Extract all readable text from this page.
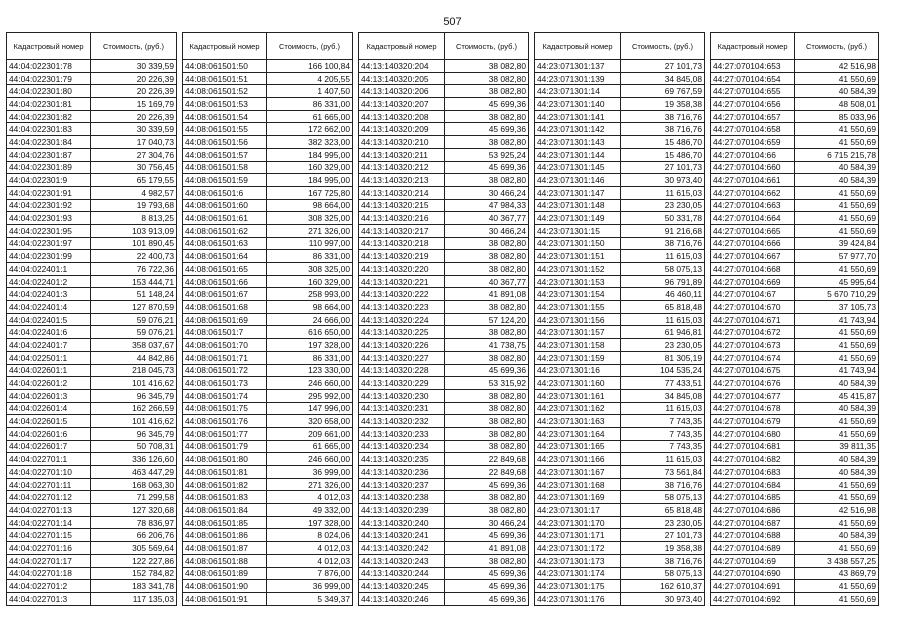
507
Кадастровый номер	Стоимость, (руб.)
44:04:022301:78	30 339,59
44:04:022301:79	20 226,39
44:04:022301:80	20 226,39
44:04:022301:81	15 169,79
44:04:022301:82	20 226,39
44:04:022301:83	30 339,59
44:04:022301:84	17 040,73
44:04:022301:87	27 304,76
44:04:022301:89	30 756,45
44:04:022301:9	65 179,55
44:04:022301:91	4 982,57
44:04:022301:92	19 793,68
44:04:022301:93	8 813,25
44:04:022301:95	103 913,09
44:04:022301:97	101 890,45
44:04:022301:99	22 400,73
44:04:022401:1	76 722,36
44:04:022401:2	153 444,71
44:04:022401:3	51 148,24
44:04:022401:4	127 870,59
44:04:022401:5	59 076,21
44:04:022401:6	59 076,21
44:04:022401:7	358 037,67
44:04:022501:1	44 842,86
44:04:022601:1	218 045,73
44:04:022601:2	101 416,62
44:04:022601:3	96 345,79
44:04:022601:4	162 266,59
44:04:022601:5	101 416,62
44:04:022601:6	96 345,79
44:04:022601:7	50 708,31
44:04:022701:1	336 126,60
44:04:022701:10	463 447,29
44:04:022701:11	168 063,30
44:04:022701:12	71 299,58
44:04:022701:13	127 320,68
44:04:022701:14	78 836,97
44:04:022701:15	66 206,76
44:04:022701:16	305 569,64
44:04:022701:17	122 227,86
44:04:022701:18	152 784,82
44:04:022701:2	183 341,78
44:04:022701:3	117 135,03
Кадастровый номер	Стоимость, (руб.)
44:08:061501:50	166 100,84
44:08:061501:51	4 205,55
44:08:061501:52	1 407,50
44:08:061501:53	86 331,00
44:08:061501:54	61 665,00
44:08:061501:55	172 662,00
44:08:061501:56	382 323,00
44:08:061501:57	184 995,00
44:08:061501:58	160 329,00
44:08:061501:59	184 995,00
44:08:061501:6	167 725,80
44:08:061501:60	98 664,00
44:08:061501:61	308 325,00
44:08:061501:62	271 326,00
44:08:061501:63	110 997,00
44:08:061501:64	86 331,00
44:08:061501:65	308 325,00
44:08:061501:66	160 329,00
44:08:061501:67	258 993,00
44:08:061501:68	98 664,00
44:08:061501:69	24 666,00
44:08:061501:7	616 650,00
44:08:061501:70	197 328,00
44:08:061501:71	86 331,00
44:08:061501:72	123 330,00
44:08:061501:73	246 660,00
44:08:061501:74	295 992,00
44:08:061501:75	147 996,00
44:08:061501:76	320 658,00
44:08:061501:77	209 661,00
44:08:061501:79	61 665,00
44:08:061501:80	246 660,00
44:08:061501:81	36 999,00
44:08:061501:82	271 326,00
44:08:061501:83	4 012,03
44:08:061501:84	49 332,00
44:08:061501:85	197 328,00
44:08:061501:86	8 024,06
44:08:061501:87	4 012,03
44:08:061501:88	4 012,03
44:08:061501:89	7 876,00
44:08:061501:90	36 999,00
44:08:061501:91	5 349,37
Кадастровый номер	Стоимость, (руб.)
44:13:140320:204	38 082,80
44:13:140320:205	38 082,80
44:13:140320:206	38 082,80
44:13:140320:207	45 699,36
44:13:140320:208	38 082,80
44:13:140320:209	45 699,36
44:13:140320:210	38 082,80
44:13:140320:211	53 925,24
44:13:140320:212	45 699,36
44:13:140320:213	38 082,80
44:13:140320:214	30 466,24
44:13:140320:215	47 984,33
44:13:140320:216	40 367,77
44:13:140320:217	30 466,24
44:13:140320:218	38 082,80
44:13:140320:219	38 082,80
44:13:140320:220	38 082,80
44:13:140320:221	40 367,77
44:13:140320:222	41 891,08
44:13:140320:223	38 082,80
44:13:140320:224	57 124,20
44:13:140320:225	38 082,80
44:13:140320:226	41 738,75
44:13:140320:227	38 082,80
44:13:140320:228	45 699,36
44:13:140320:229	53 315,92
44:13:140320:230	38 082,80
44:13:140320:231	38 082,80
44:13:140320:232	38 082,80
44:13:140320:233	38 082,80
44:13:140320:234	38 082,80
44:13:140320:235	22 849,68
44:13:140320:236	22 849,68
44:13:140320:237	45 699,36
44:13:140320:238	38 082,80
44:13:140320:239	38 082,80
44:13:140320:240	30 466,24
44:13:140320:241	45 699,36
44:13:140320:242	41 891,08
44:13:140320:243	38 082,80
44:13:140320:244	45 699,36
44:13:140320:245	45 699,36
44:13:140320:246	45 699,36
Кадастровый номер	Стоимость, (руб.)
44:23:071301:137	27 101,73
44:23:071301:139	34 845,08
44:23:071301:14	69 767,59
44:23:071301:140	19 358,38
44:23:071301:141	38 716,76
44:23:071301:142	38 716,76
44:23:071301:143	15 486,70
44:23:071301:144	15 486,70
44:23:071301:145	27 101,73
44:23:071301:146	30 973,40
44:23:071301:147	11 615,03
44:23:071301:148	23 230,05
44:23:071301:149	50 331,78
44:23:071301:15	91 216,68
44:23:071301:150	38 716,76
44:23:071301:151	11 615,03
44:23:071301:152	58 075,13
44:23:071301:153	96 791,89
44:23:071301:154	46 460,11
44:23:071301:155	65 818,48
44:23:071301:156	11 615,03
44:23:071301:157	61 946,81
44:23:071301:158	23 230,05
44:23:071301:159	81 305,19
44:23:071301:16	104 535,24
44:23:071301:160	77 433,51
44:23:071301:161	34 845,08
44:23:071301:162	11 615,03
44:23:071301:163	7 743,35
44:23:071301:164	7 743,35
44:23:071301:165	7 743,35
44:23:071301:166	11 615,03
44:23:071301:167	73 561,84
44:23:071301:168	38 716,76
44:23:071301:169	58 075,13
44:23:071301:17	65 818,48
44:23:071301:170	23 230,05
44:23:071301:171	27 101,73
44:23:071301:172	19 358,38
44:23:071301:173	38 716,76
44:23:071301:174	58 075,13
44:23:071301:175	162 610,37
44:23:071301:176	30 973,40
Кадастровый номер	Стоимость, (руб.)
44:27:070104:653	42 516,98
44:27:070104:654	41 550,69
44:27:070104:655	40 584,39
44:27:070104:656	48 508,01
44:27:070104:657	85 033,96
44:27:070104:658	41 550,69
44:27:070104:659	41 550,69
44:27:070104:66	6 715 215,78
44:27:070104:660	40 584,39
44:27:070104:661	40 584,39
44:27:070104:662	41 550,69
44:27:070104:663	41 550,69
44:27:070104:664	41 550,69
44:27:070104:665	41 550,69
44:27:070104:666	39 424,84
44:27:070104:667	57 977,70
44:27:070104:668	41 550,69
44:27:070104:669	45 995,64
44:27:070104:67	5 670 710,29
44:27:070104:670	37 105,73
44:27:070104:671	41 743,94
44:27:070104:672	41 550,69
44:27:070104:673	41 550,69
44:27:070104:674	41 550,69
44:27:070104:675	41 743,94
44:27:070104:676	40 584,39
44:27:070104:677	45 415,87
44:27:070104:678	40 584,39
44:27:070104:679	41 550,69
44:27:070104:680	41 550,69
44:27:070104:681	39 811,35
44:27:070104:682	40 584,39
44:27:070104:683	40 584,39
44:27:070104:684	41 550,69
44:27:070104:685	41 550,69
44:27:070104:686	42 516,98
44:27:070104:687	41 550,69
44:27:070104:688	40 584,39
44:27:070104:689	41 550,69
44:27:070104:69	3 438 557,25
44:27:070104:690	43 869,79
44:27:070104:691	41 550,69
44:27:070104:692	41 550,69
